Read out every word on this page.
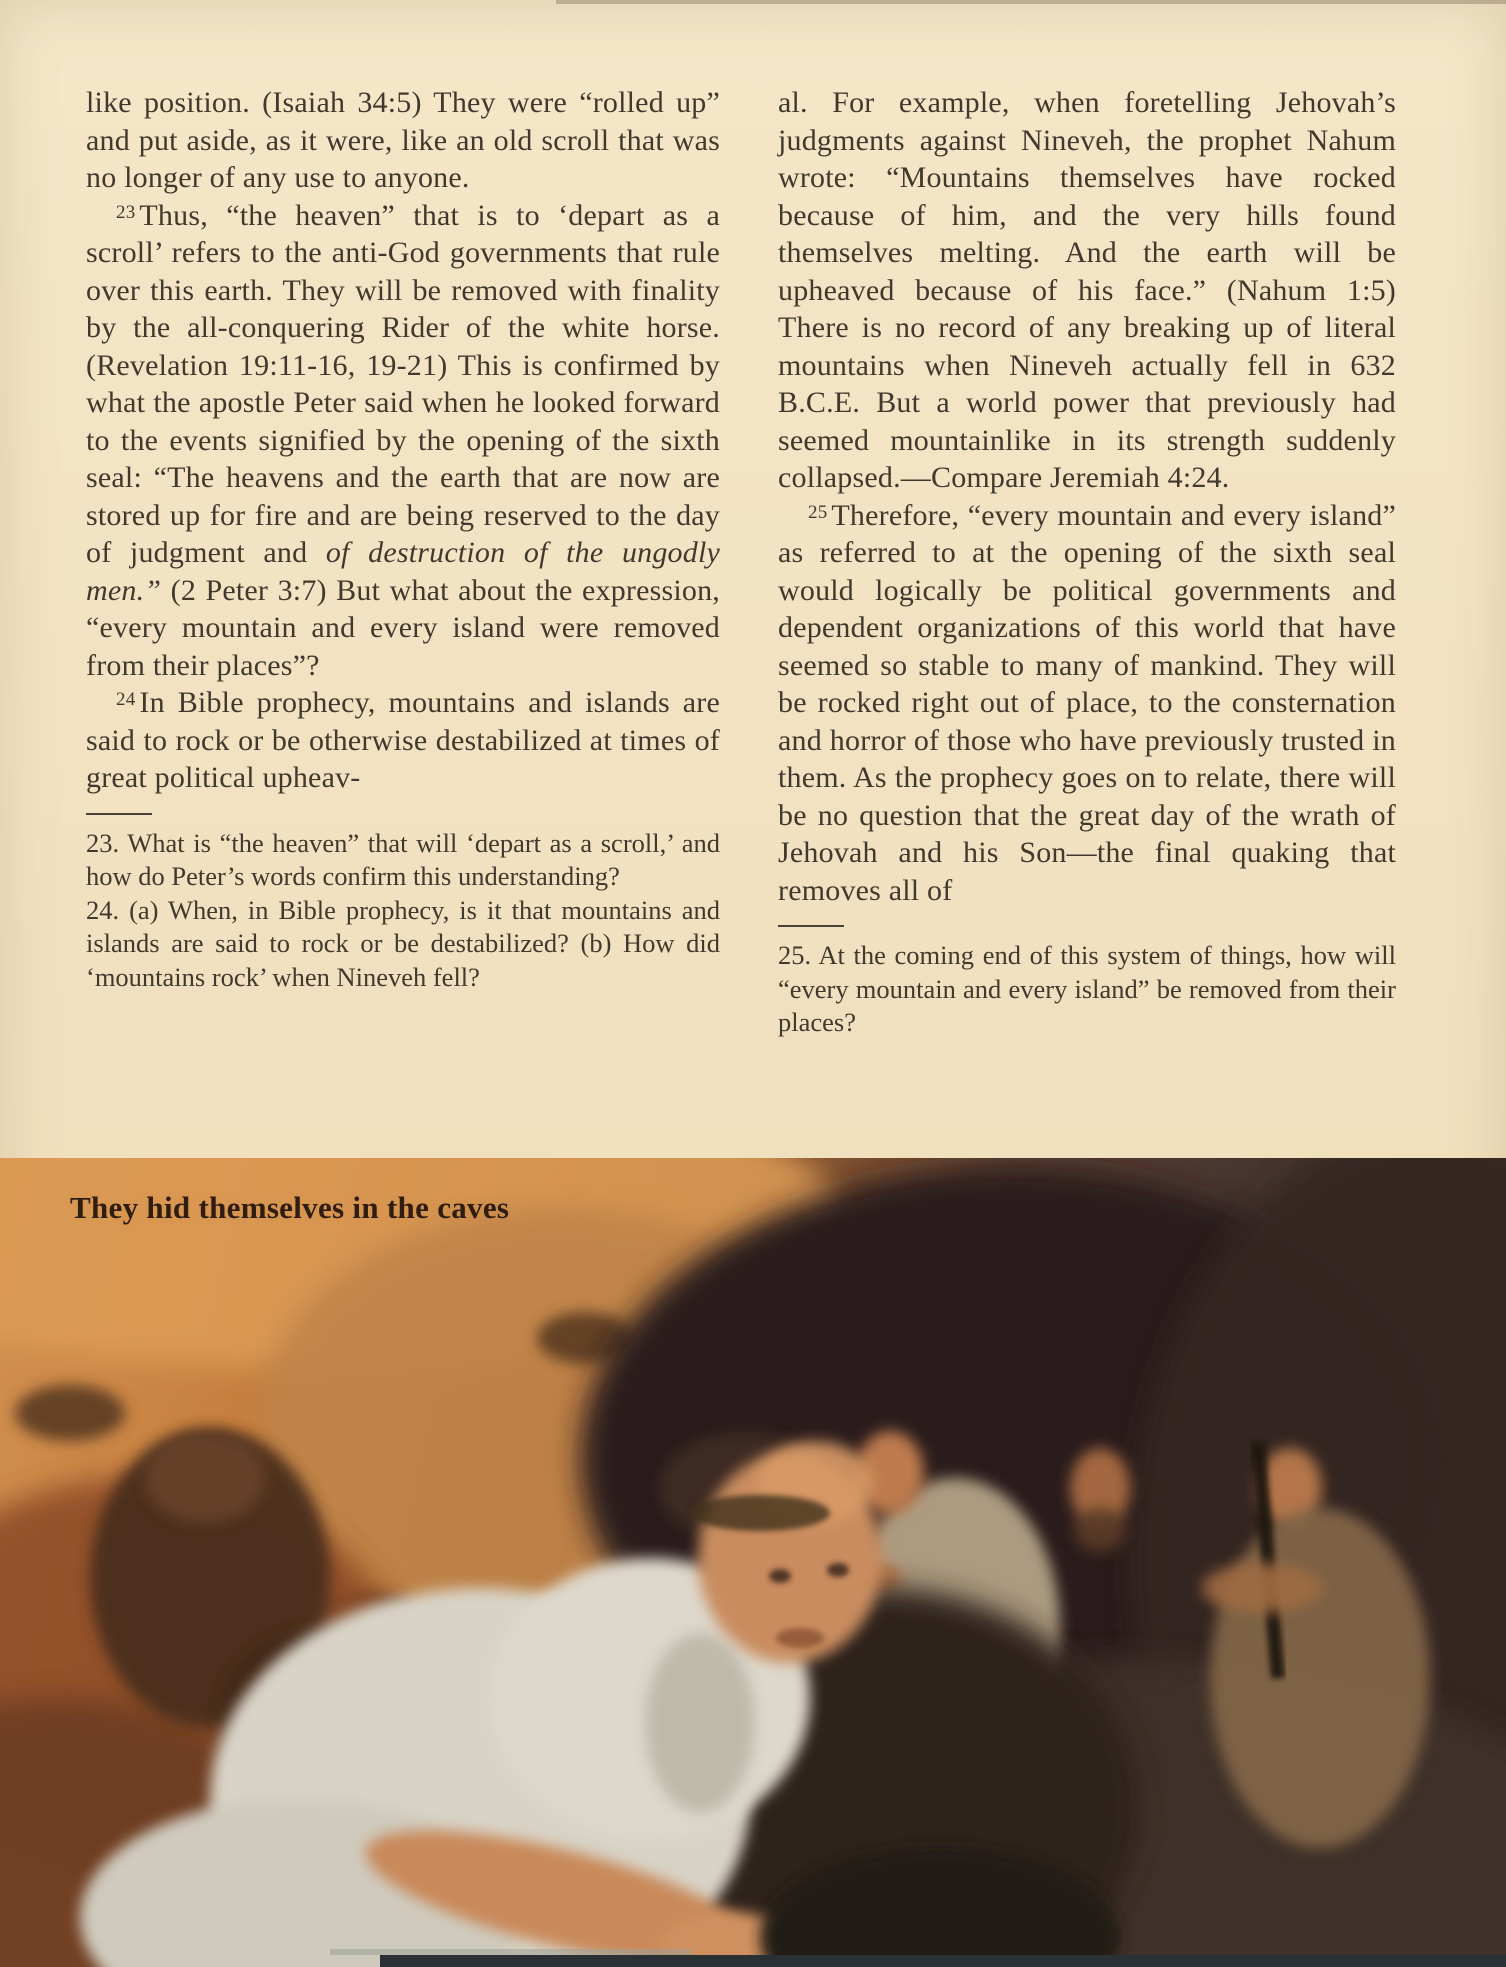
like position. (Isaiah 34:5) They were “rolled up” and put aside, as it were, like an old scroll that was no longer of any use to anyone.

$^{23}$ Thus, “the heaven” that is to ‘depart as a scroll’ refers to the anti-God governments that rule over this earth. They will be removed with finality by the all-conquering Rider of the white horse. (Revelation 19:11-16, 19-21) This is confirmed by what the apostle Peter said when he looked forward to the events signified by the opening of the sixth seal: “The heavens and the earth that are now are stored up for fire and are being reserved to the day of judgment and of destruction of the ungodly men.” (2 Peter 3:7) But what about the expression, “every mountain and every island were removed from their places”?

$^{24}$ In Bible prophecy, mountains and islands are said to rock or be otherwise destabilized at times of great political upheav-

23. What is “the heaven” that will ‘depart as a scroll,’ and how do Peter’s words confirm this understanding?

24. (a) When, in Bible prophecy, is it that mountains and islands are said to rock or be destabilized? (b) How did ‘mountains rock’ when Nineveh fell?

al. For example, when foretelling Jehovah’s judgments against Nineveh, the prophet Nahum wrote: “Mountains themselves have rocked because of him, and the very hills found themselves melting. And the earth will be upheaved because of his face.” (Nahum 1:5) There is no record of any breaking up of literal mountains when Nineveh actually fell in 632 B.C.E. But a world power that previously had seemed mountainlike in its strength suddenly collapsed.—Compare Jeremiah 4:24.

$^{25}$ Therefore, “every mountain and every island” as referred to at the opening of the sixth seal would logically be political governments and dependent organizations of this world that have seemed so stable to many of mankind. They will be rocked right out of place, to the consternation and horror of those who have previously trusted in them. As the prophecy goes on to relate, there will be no question that the great day of the wrath of Jehovah and his Son—the final quaking that removes all of

25. At the coming end of this system of things, how will “every mountain and every island” be removed from their places?

They hid themselves in the caves
